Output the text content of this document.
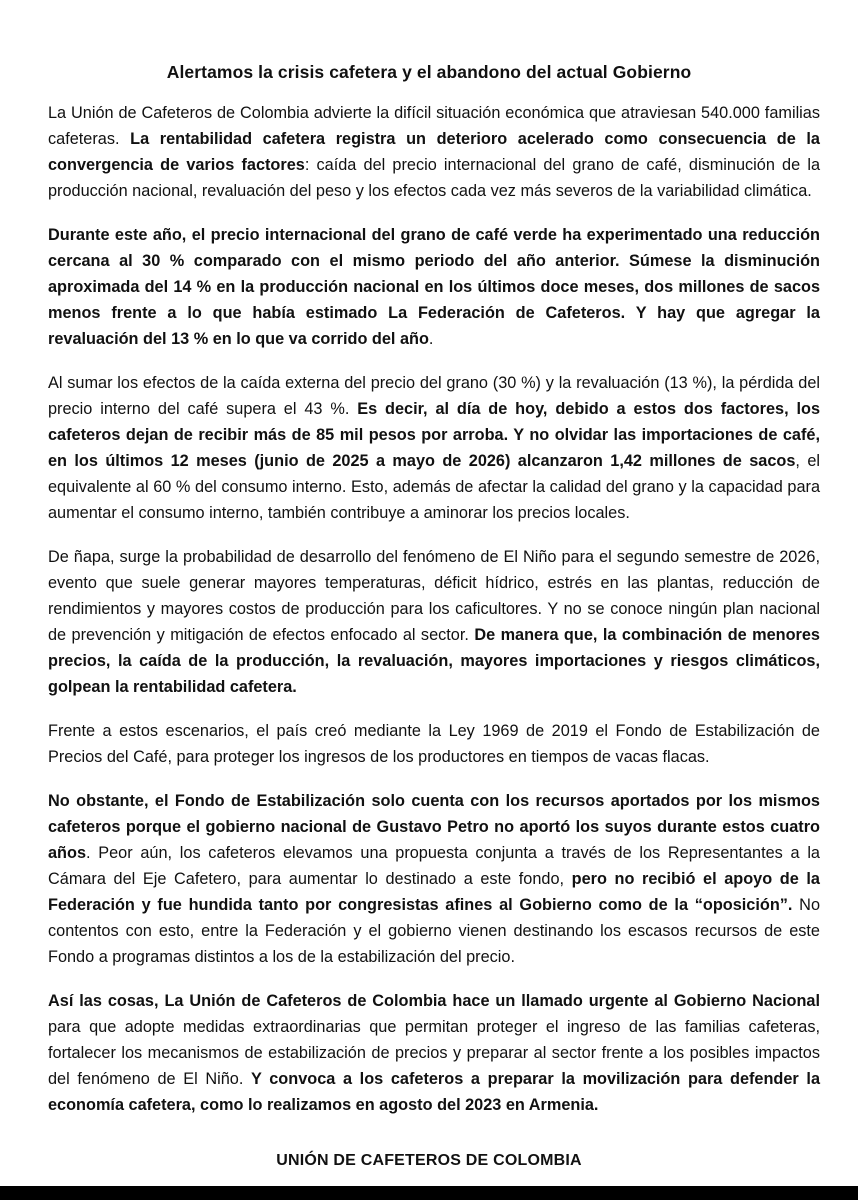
Alertamos la crisis cafetera y el abandono del actual Gobierno

La Unión de Cafeteros de Colombia advierte la difícil situación económica que atraviesan 540.000 familias cafeteras. La rentabilidad cafetera registra un deterioro acelerado como consecuencia de la convergencia de varios factores: caída del precio internacional del grano de café, disminución de la producción nacional, revaluación del peso y los efectos cada vez más severos de la variabilidad climática.

Durante este año, el precio internacional del grano de café verde ha experimentado una reducción cercana al 30 % comparado con el mismo periodo del año anterior. Súmese la disminución aproximada del 14 % en la producción nacional en los últimos doce meses, dos millones de sacos menos frente a lo que había estimado La Federación de Cafeteros. Y hay que agregar la revaluación del 13 % en lo que va corrido del año.

Al sumar los efectos de la caída externa del precio del grano (30 %) y la revaluación (13 %), la pérdida del precio interno del café supera el 43 %. Es decir, al día de hoy, debido a estos dos factores, los cafeteros dejan de recibir más de 85 mil pesos por arroba. Y no olvidar las importaciones de café, en los últimos 12 meses (junio de 2025 a mayo de 2026) alcanzaron 1,42 millones de sacos, el equivalente al 60 % del consumo interno. Esto, además de afectar la calidad del grano y la capacidad para aumentar el consumo interno, también contribuye a aminorar los precios locales.

De ñapa, surge la probabilidad de desarrollo del fenómeno de El Niño para el segundo semestre de 2026, evento que suele generar mayores temperaturas, déficit hídrico, estrés en las plantas, reducción de rendimientos y mayores costos de producción para los caficultores. Y no se conoce ningún plan nacional de prevención y mitigación de efectos enfocado al sector. De manera que, la combinación de menores precios, la caída de la producción, la revaluación, mayores importaciones y riesgos climáticos, golpean la rentabilidad cafetera.

Frente a estos escenarios, el país creó mediante la Ley 1969 de 2019 el Fondo de Estabilización de Precios del Café, para proteger los ingresos de los productores en tiempos de vacas flacas.

No obstante, el Fondo de Estabilización solo cuenta con los recursos aportados por los mismos cafeteros porque el gobierno nacional de Gustavo Petro no aportó los suyos durante estos cuatro años. Peor aún, los cafeteros elevamos una propuesta conjunta a través de los Representantes a la Cámara del Eje Cafetero, para aumentar lo destinado a este fondo, pero no recibió el apoyo de la Federación y fue hundida tanto por congresistas afines al Gobierno como de la “oposición”. No contentos con esto, entre la Federación y el gobierno vienen destinando los escasos recursos de este Fondo a programas distintos a los de la estabilización del precio.

Así las cosas, La Unión de Cafeteros de Colombia hace un llamado urgente al Gobierno Nacional para que adopte medidas extraordinarias que permitan proteger el ingreso de las familias cafeteras, fortalecer los mecanismos de estabilización de precios y preparar al sector frente a los posibles impactos del fenómeno de El Niño. Y convoca a los cafeteros a preparar la movilización para defender la economía cafetera, como lo realizamos en agosto del 2023 en Armenia.

UNIÓN DE CAFETEROS DE COLOMBIA
